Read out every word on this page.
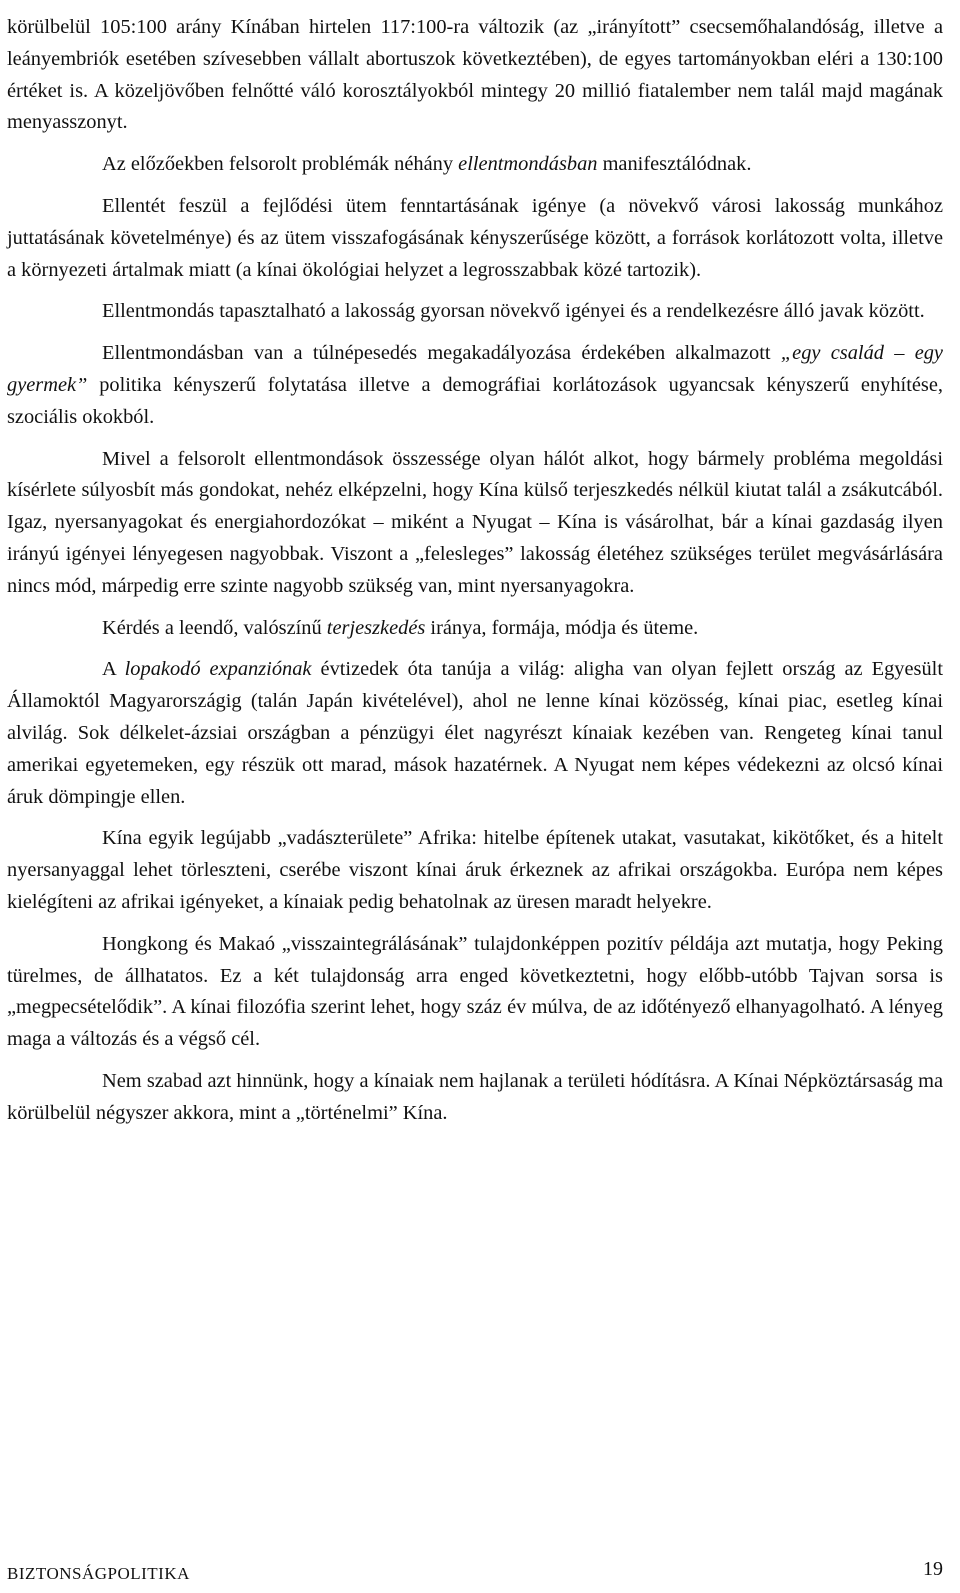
körülbelül 105:100 arány Kínában hirtelen 117:100-ra változik (az „irányított” csecsemőhalandóság, illetve a leányembriók esetében szívesebben vállalt abortuszok következtében), de egyes tartományokban eléri a 130:100 értéket is. A közeljövőben felnőtté váló korosztályokból mintegy 20 millió fiatalember nem talál majd magának menyasszonyt.

Az előzőekben felsorolt problémák néhány ellentmondásban manifesztálódnak.

Ellentét feszül a fejlődési ütem fenntartásának igénye (a növekvő városi lakosság munkához juttatásának követelménye) és az ütem visszafogásának kényszerűsége között, a források korlátozott volta, illetve a környezeti ártalmak miatt (a kínai ökológiai helyzet a legrosszabbak közé tartozik).

Ellentmondás tapasztalható a lakosság gyorsan növekvő igényei és a rendelkezésre álló javak között.

Ellentmondásban van a túlnépesedés megakadályozása érdekében alkalmazott „egy család – egy gyermek” politika kényszerű folytatása illetve a demográfiai korlátozások ugyancsak kényszerű enyhítése, szociális okokból.

Mivel a felsorolt ellentmondások összessége olyan hálót alkot, hogy bármely probléma megoldási kísérlete súlyosbít más gondokat, nehéz elképzelni, hogy Kína külső terjeszkedés nélkül kiutat talál a zsákutcából. Igaz, nyersanyagokat és energiahordozókat – miként a Nyugat – Kína is vásárolhat, bár a kínai gazdaság ilyen irányú igényei lényegesen nagyobbak. Viszont a „felesleges” lakosság életéhez szükséges terület megvásárlására nincs mód, márpedig erre szinte nagyobb szükség van, mint nyersanyagokra.

Kérdés a leendő, valószínű terjeszkedés iránya, formája, módja és üteme.

A lopakodó expanziónak évtizedek óta tanúja a világ: aligha van olyan fejlett ország az Egyesült Államoktól Magyarországig (talán Japán kivételével), ahol ne lenne kínai közösség, kínai piac, esetleg kínai alvilág. Sok délkelet-ázsiai országban a pénzügyi élet nagyrészt kínaiak kezében van. Rengeteg kínai tanul amerikai egyetemeken, egy részük ott marad, mások hazatérnek. A Nyugat nem képes védekezni az olcsó kínai áruk dömpingje ellen.

Kína egyik legújabb „vadászterülete” Afrika: hitelbe építenek utakat, vasutakat, kikötőket, és a hitelt nyersanyaggal lehet törleszteni, cserébe viszont kínai áruk érkeznek az afrikai országokba. Európa nem képes kielégíteni az afrikai igényeket, a kínaiak pedig behatolnak az üresen maradt helyekre.

Hongkong és Makaó „visszaintegrálásának” tulajdonképpen pozitív példája azt mutatja, hogy Peking türelmes, de állhatatos. Ez a két tulajdonság arra enged következtetni, hogy előbb-utóbb Tajvan sorsa is „megpecsételődik”. A kínai filozófia szerint lehet, hogy száz év múlva, de az időtényező elhanyagolható. A lényeg maga a változás és a végső cél.

Nem szabad azt hinnünk, hogy a kínaiak nem hajlanak a területi hódításra. A Kínai Népköztársaság ma körülbelül négyszer akkora, mint a „történelmi” Kína.

BIZTONSÁGPOLITIKA	19
